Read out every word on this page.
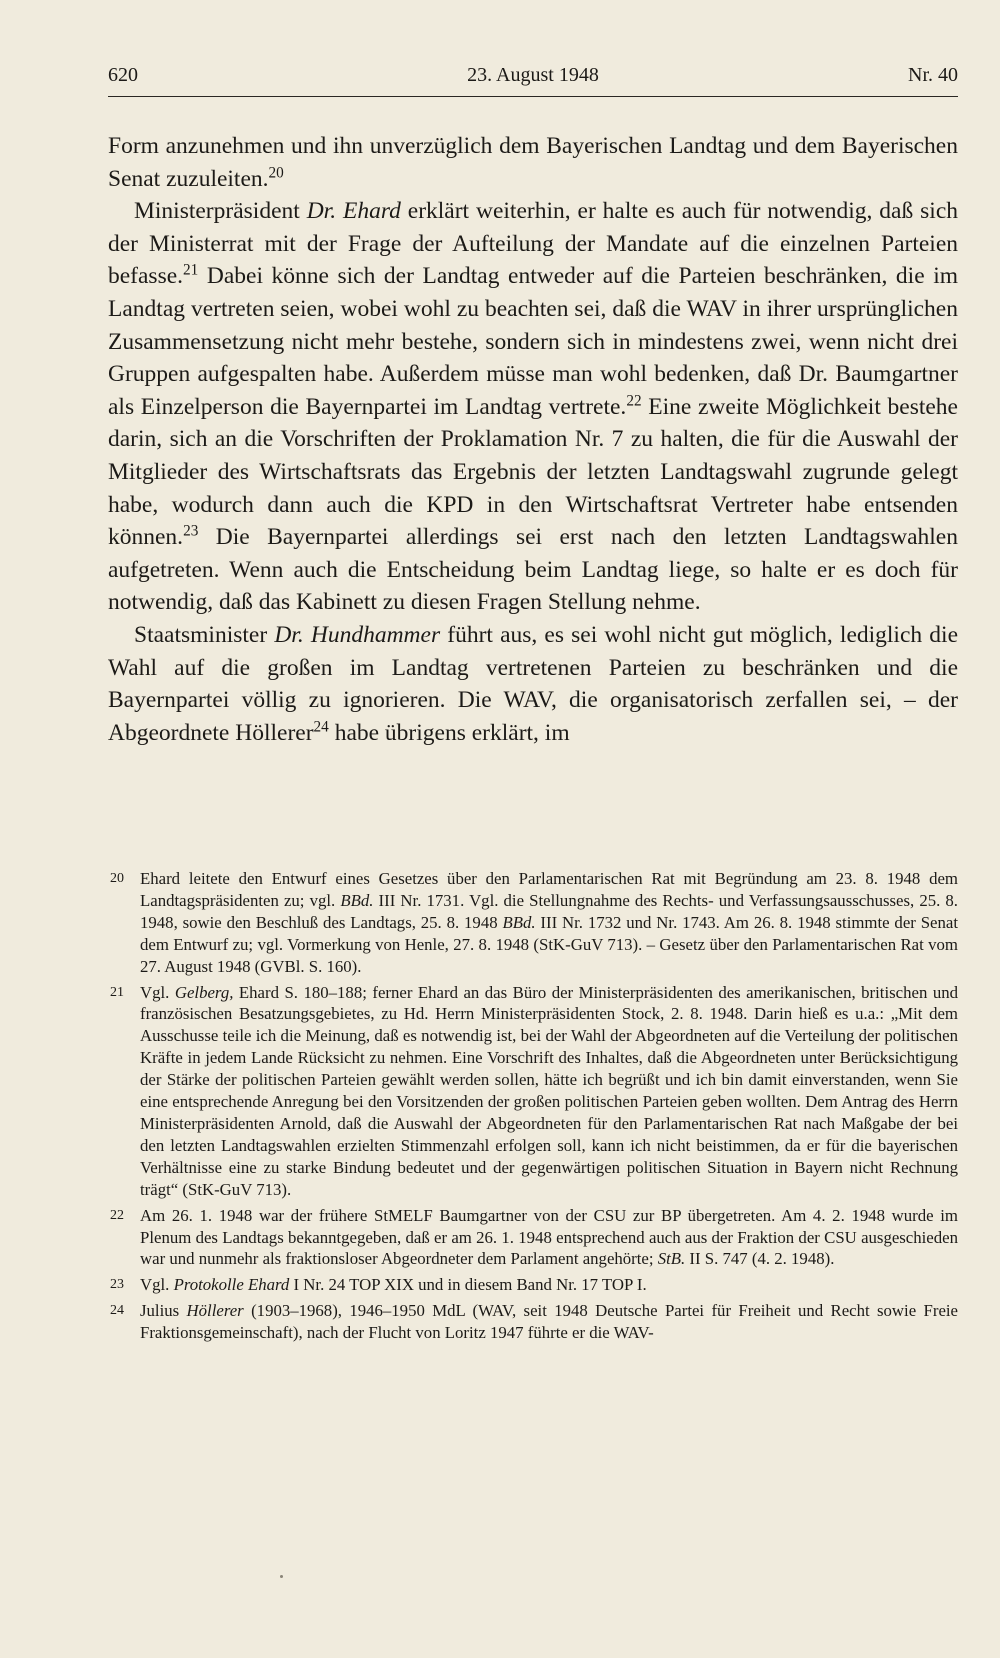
620	23. August 1948	Nr. 40

Form anzunehmen und ihn unverzüglich dem Bayerischen Landtag und dem Bayerischen Senat zuzuleiten.$^{20}$

Ministerpräsident Dr. Ehard erklärt weiterhin, er halte es auch für notwendig, daß sich der Ministerrat mit der Frage der Aufteilung der Mandate auf die einzelnen Parteien befasse.$^{21}$ Dabei könne sich der Landtag entweder auf die Parteien beschränken, die im Landtag vertreten seien, wobei wohl zu beachten sei, daß die WAV in ihrer ursprünglichen Zusammensetzung nicht mehr bestehe, sondern sich in mindestens zwei, wenn nicht drei Gruppen aufgespalten habe. Außerdem müsse man wohl bedenken, daß Dr. Baumgartner als Einzelperson die Bayernpartei im Landtag vertrete.$^{22}$ Eine zweite Möglichkeit bestehe darin, sich an die Vorschriften der Proklamation Nr. 7 zu halten, die für die Auswahl der Mitglieder des Wirtschaftsrats das Ergebnis der letzten Landtagswahl zugrunde gelegt habe, wodurch dann auch die KPD in den Wirtschaftsrat Vertreter habe entsenden können.$^{23}$ Die Bayernpartei allerdings sei erst nach den letzten Landtagswahlen aufgetreten. Wenn auch die Entscheidung beim Landtag liege, so halte er es doch für notwendig, daß das Kabinett zu diesen Fragen Stellung nehme.

Staatsminister Dr. Hundhammer führt aus, es sei wohl nicht gut möglich, lediglich die Wahl auf die großen im Landtag vertretenen Parteien zu beschränken und die Bayernpartei völlig zu ignorieren. Die WAV, die organisatorisch zerfallen sei, – der Abgeordnete Höllerer$^{24}$ habe übrigens erklärt, im

20 Ehard leitete den Entwurf eines Gesetzes über den Parlamentarischen Rat mit Begründung am 23. 8. 1948 dem Landtagspräsidenten zu; vgl. BBd. III Nr. 1731. Vgl. die Stellungnahme des Rechts- und Verfassungsausschusses, 25. 8. 1948, sowie den Beschluß des Landtags, 25. 8. 1948 BBd. III Nr. 1732 und Nr. 1743. Am 26. 8. 1948 stimmte der Senat dem Entwurf zu; vgl. Vormerkung von Henle, 27. 8. 1948 (StK-GuV 713). – Gesetz über den Parlamentarischen Rat vom 27. August 1948 (GVBl. S. 160).
21 Vgl. Gelberg, Ehard S. 180–188; ferner Ehard an das Büro der Ministerpräsidenten des amerikanischen, britischen und französischen Besatzungsgebietes, zu Hd. Herrn Ministerpräsidenten Stock, 2. 8. 1948. Darin hieß es u.a.: „Mit dem Ausschusse teile ich die Meinung, daß es notwendig ist, bei der Wahl der Abgeordneten auf die Verteilung der politischen Kräfte in jedem Lande Rücksicht zu nehmen. Eine Vorschrift des Inhaltes, daß die Abgeordneten unter Berücksichtigung der Stärke der politischen Parteien gewählt werden sollen, hätte ich begrüßt und ich bin damit einverstanden, wenn Sie eine entsprechende Anregung bei den Vorsitzenden der großen politischen Parteien geben wollten. Dem Antrag des Herrn Ministerpräsidenten Arnold, daß die Auswahl der Abgeordneten für den Parlamentarischen Rat nach Maßgabe der bei den letzten Landtagswahlen erzielten Stimmenzahl erfolgen soll, kann ich nicht beistimmen, da er für die bayerischen Verhältnisse eine zu starke Bindung bedeutet und der gegenwärtigen politischen Situation in Bayern nicht Rechnung trägt“ (StK-GuV 713).
22 Am 26. 1. 1948 war der frühere StMELF Baumgartner von der CSU zur BP übergetreten. Am 4. 2. 1948 wurde im Plenum des Landtags bekanntgegeben, daß er am 26. 1. 1948 entsprechend auch aus der Fraktion der CSU ausgeschieden war und nunmehr als fraktionsloser Abgeordneter dem Parlament angehörte; StB. II S. 747 (4. 2. 1948).
23 Vgl. Protokolle Ehard I Nr. 24 TOP XIX und in diesem Band Nr. 17 TOP I.
24 Julius Höllerer (1903–1968), 1946–1950 MdL (WAV, seit 1948 Deutsche Partei für Freiheit und Recht sowie Freie Fraktionsgemeinschaft), nach der Flucht von Loritz 1947 führte er die WAV-
